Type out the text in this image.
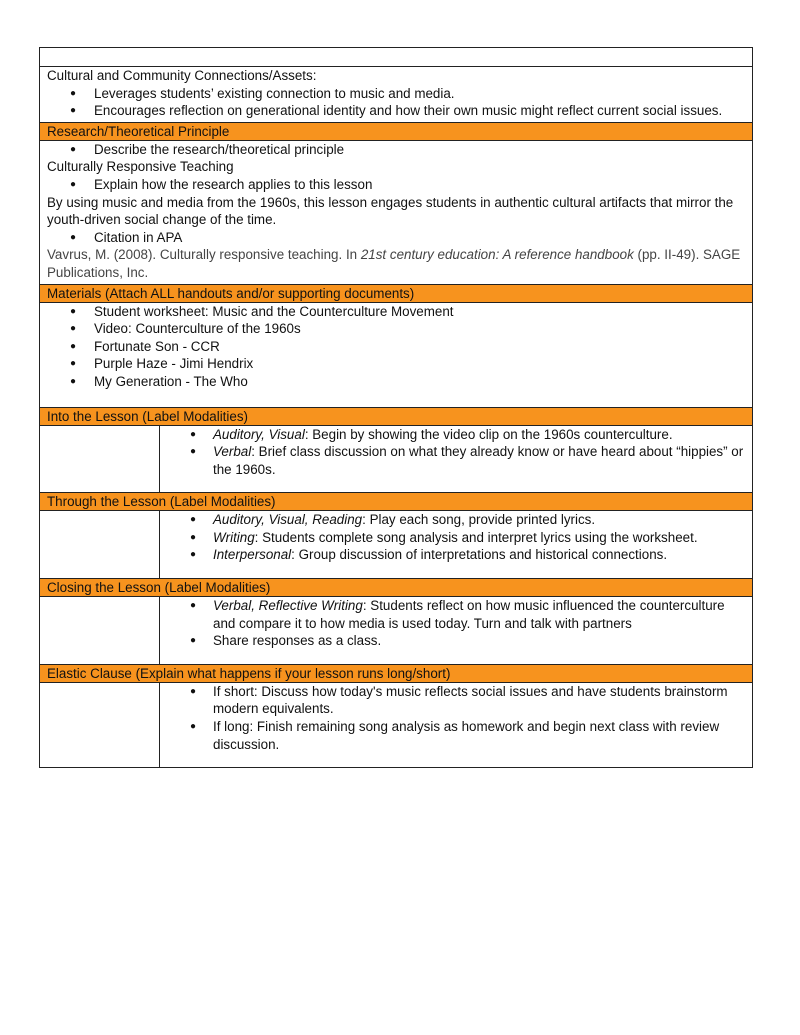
Cultural and Community Connections/Assets:
● Leverages students’ existing connection to music and media.
● Encourages reflection on generational identity and how their own music might reflect current social issues.
Research/Theoretical Principle
● Describe the research/theoretical principle
Culturally Responsive Teaching
● Explain how the research applies to this lesson
By using music and media from the 1960s, this lesson engages students in authentic cultural artifacts that mirror the youth-driven social change of the time.
● Citation in APA
Vavrus, M. (2008). Culturally responsive teaching. In 21st century education: A reference handbook (pp. II-49). SAGE Publications, Inc.
Materials (Attach ALL handouts and/or supporting documents)
● Student worksheet: Music and the Counterculture Movement
● Video: Counterculture of the 1960s
● Fortunate Son - CCR
● Purple Haze - Jimi Hendrix
● My Generation - The Who
Into the Lesson (Label Modalities)
● Auditory, Visual: Begin by showing the video clip on the 1960s counterculture.
● Verbal: Brief class discussion on what they already know or have heard about “hippies” or the 1960s.
Through the Lesson (Label Modalities)
● Auditory, Visual, Reading: Play each song, provide printed lyrics.
● Writing: Students complete song analysis and interpret lyrics using the worksheet.
● Interpersonal: Group discussion of interpretations and historical connections.
Closing the Lesson (Label Modalities)
● Verbal, Reflective Writing: Students reflect on how music influenced the counterculture and compare it to how media is used today. Turn and talk with partners
● Share responses as a class.
Elastic Clause (Explain what happens if your lesson runs long/short)
● If short: Discuss how today's music reflects social issues and have students brainstorm modern equivalents.
● If long: Finish remaining song analysis as homework and begin next class with review discussion.
